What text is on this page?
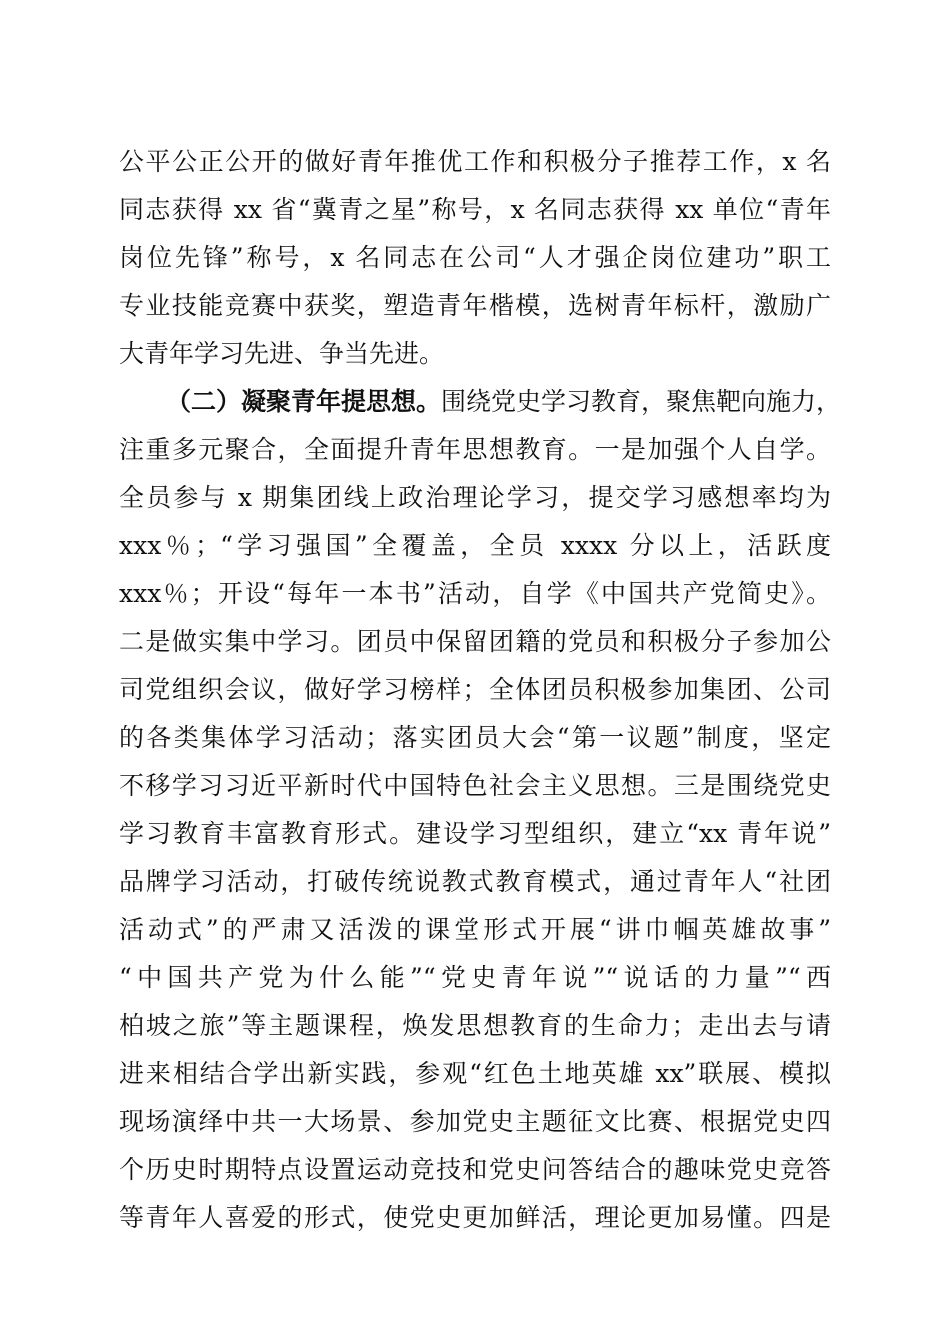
公平公正公开的做好青年推优工作和积极分子推荐工作，x 名
同志获得 xx 省“冀青之星”称号，x 名同志获得 xx 单位“青年
岗位先锋”称号，x 名同志在公司“人才强企岗位建功”职工
专业技能竞赛中获奖，塑造青年楷模，选树青年标杆，激励广
大青年学习先进、争当先进。
（二）凝聚青年提思想。围绕党史学习教育，聚焦靶向施力，
注重多元聚合，全面提升青年思想教育。一是加强个人自学。
全员参与 x 期集团线上政治理论学习，提交学习感想率均为
xxx％；“学习强国”全覆盖，全员 xxxx 分以上，活跃度
xxx％；开设“每年一本书”活动，自学《中国共产党简史》。
二是做实集中学习。团员中保留团籍的党员和积极分子参加公
司党组织会议，做好学习榜样；全体团员积极参加集团、公司
的各类集体学习活动；落实团员大会“第一议题”制度，坚定
不移学习习近平新时代中国特色社会主义思想。三是围绕党史
学习教育丰富教育形式。建设学习型组织，建立“xx 青年说”
品牌学习活动，打破传统说教式教育模式，通过青年人“社团
活动式”的严肃又活泼的课堂形式开展“讲巾帼英雄故事”
“中国共产党为什么能”“党史青年说”“说话的力量”“西
柏坡之旅”等主题课程，焕发思想教育的生命力；走出去与请
进来相结合学出新实践，参观“红色土地英雄 xx”联展、模拟
现场演绎中共一大场景、参加党史主题征文比赛、根据党史四
个历史时期特点设置运动竞技和党史问答结合的趣味党史竞答
等青年人喜爱的形式，使党史更加鲜活，理论更加易懂。四是
